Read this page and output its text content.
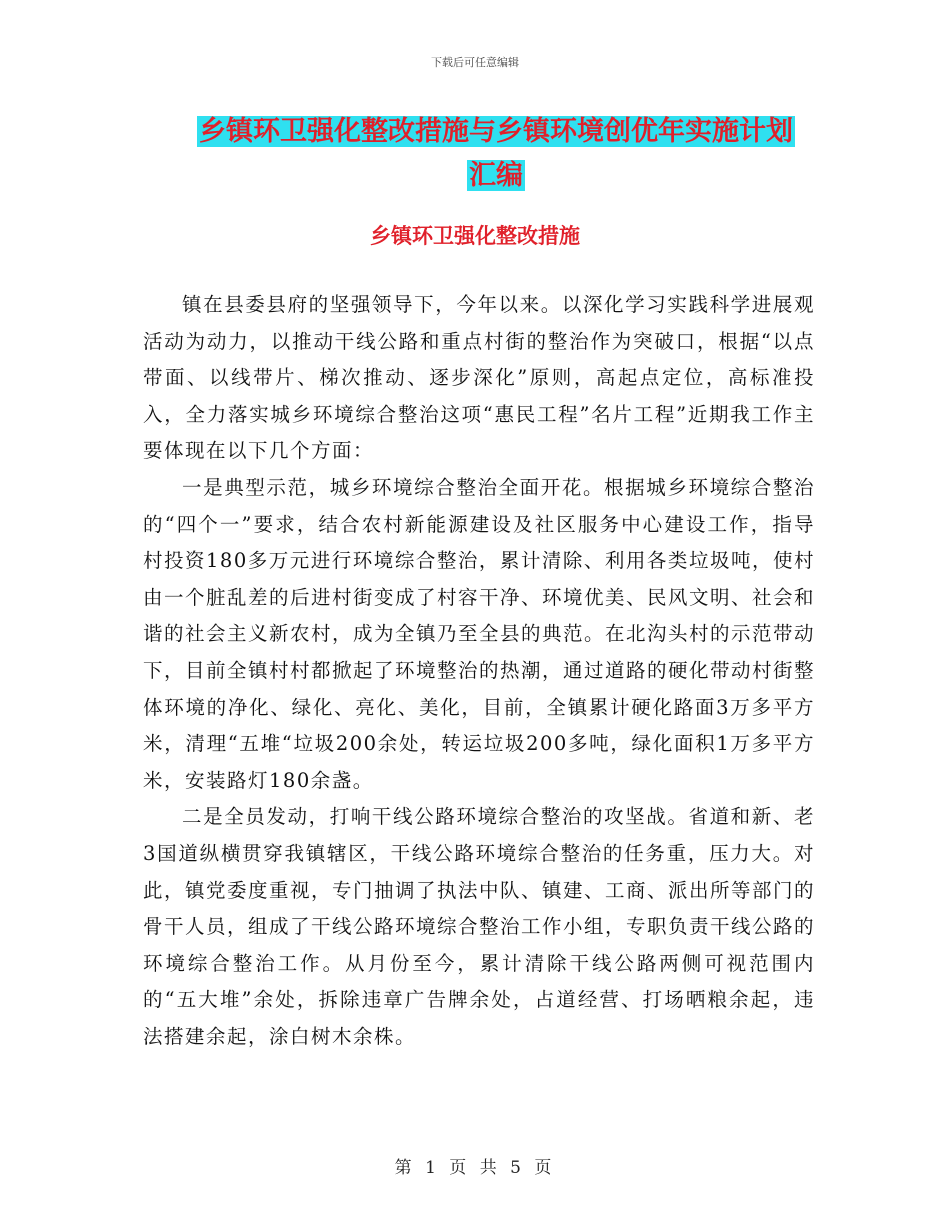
下载后可任意编辑
乡镇环卫强化整改措施与乡镇环境创优年实施计划汇编
乡镇环卫强化整改措施

镇在县委县府的坚强领导下，今年以来。以深化学习实践科学进展观活动为动力，以推动干线公路和重点村街的整治作为突破口，根据“以点带面、以线带片、梯次推动、逐步深化”原则，高起点定位，高标准投入，全力落实城乡环境综合整治这项“惠民工程”名片工程”近期我工作主要体现在以下几个方面：

一是典型示范，城乡环境综合整治全面开花。根据城乡环境综合整治的“四个一”要求，结合农村新能源建设及社区服务中心建设工作，指导村投资180多万元进行环境综合整治，累计清除、利用各类垃圾吨，使村由一个脏乱差的后进村街变成了村容干净、环境优美、民风文明、社会和谐的社会主义新农村，成为全镇乃至全县的典范。在北沟头村的示范带动下，目前全镇村村都掀起了环境整治的热潮，通过道路的硬化带动村街整体环境的净化、绿化、亮化、美化，目前，全镇累计硬化路面3万多平方米，清理“五堆“垃圾200余处，转运垃圾200多吨，绿化面积1万多平方米，安装路灯180余盏。

二是全员发动，打响干线公路环境综合整治的攻坚战。省道和新、老3国道纵横贯穿我镇辖区，干线公路环境综合整治的任务重，压力大。对此，镇党委度重视，专门抽调了执法中队、镇建、工商、派出所等部门的骨干人员，组成了干线公路环境综合整治工作小组，专职负责干线公路的环境综合整治工作。从月份至今，累计清除干线公路两侧可视范围内的“五大堆”余处，拆除违章广告牌余处，占道经营、打场晒粮余起，违法搭建余起，涂白树木余株。

第 1 页 共 5 页
